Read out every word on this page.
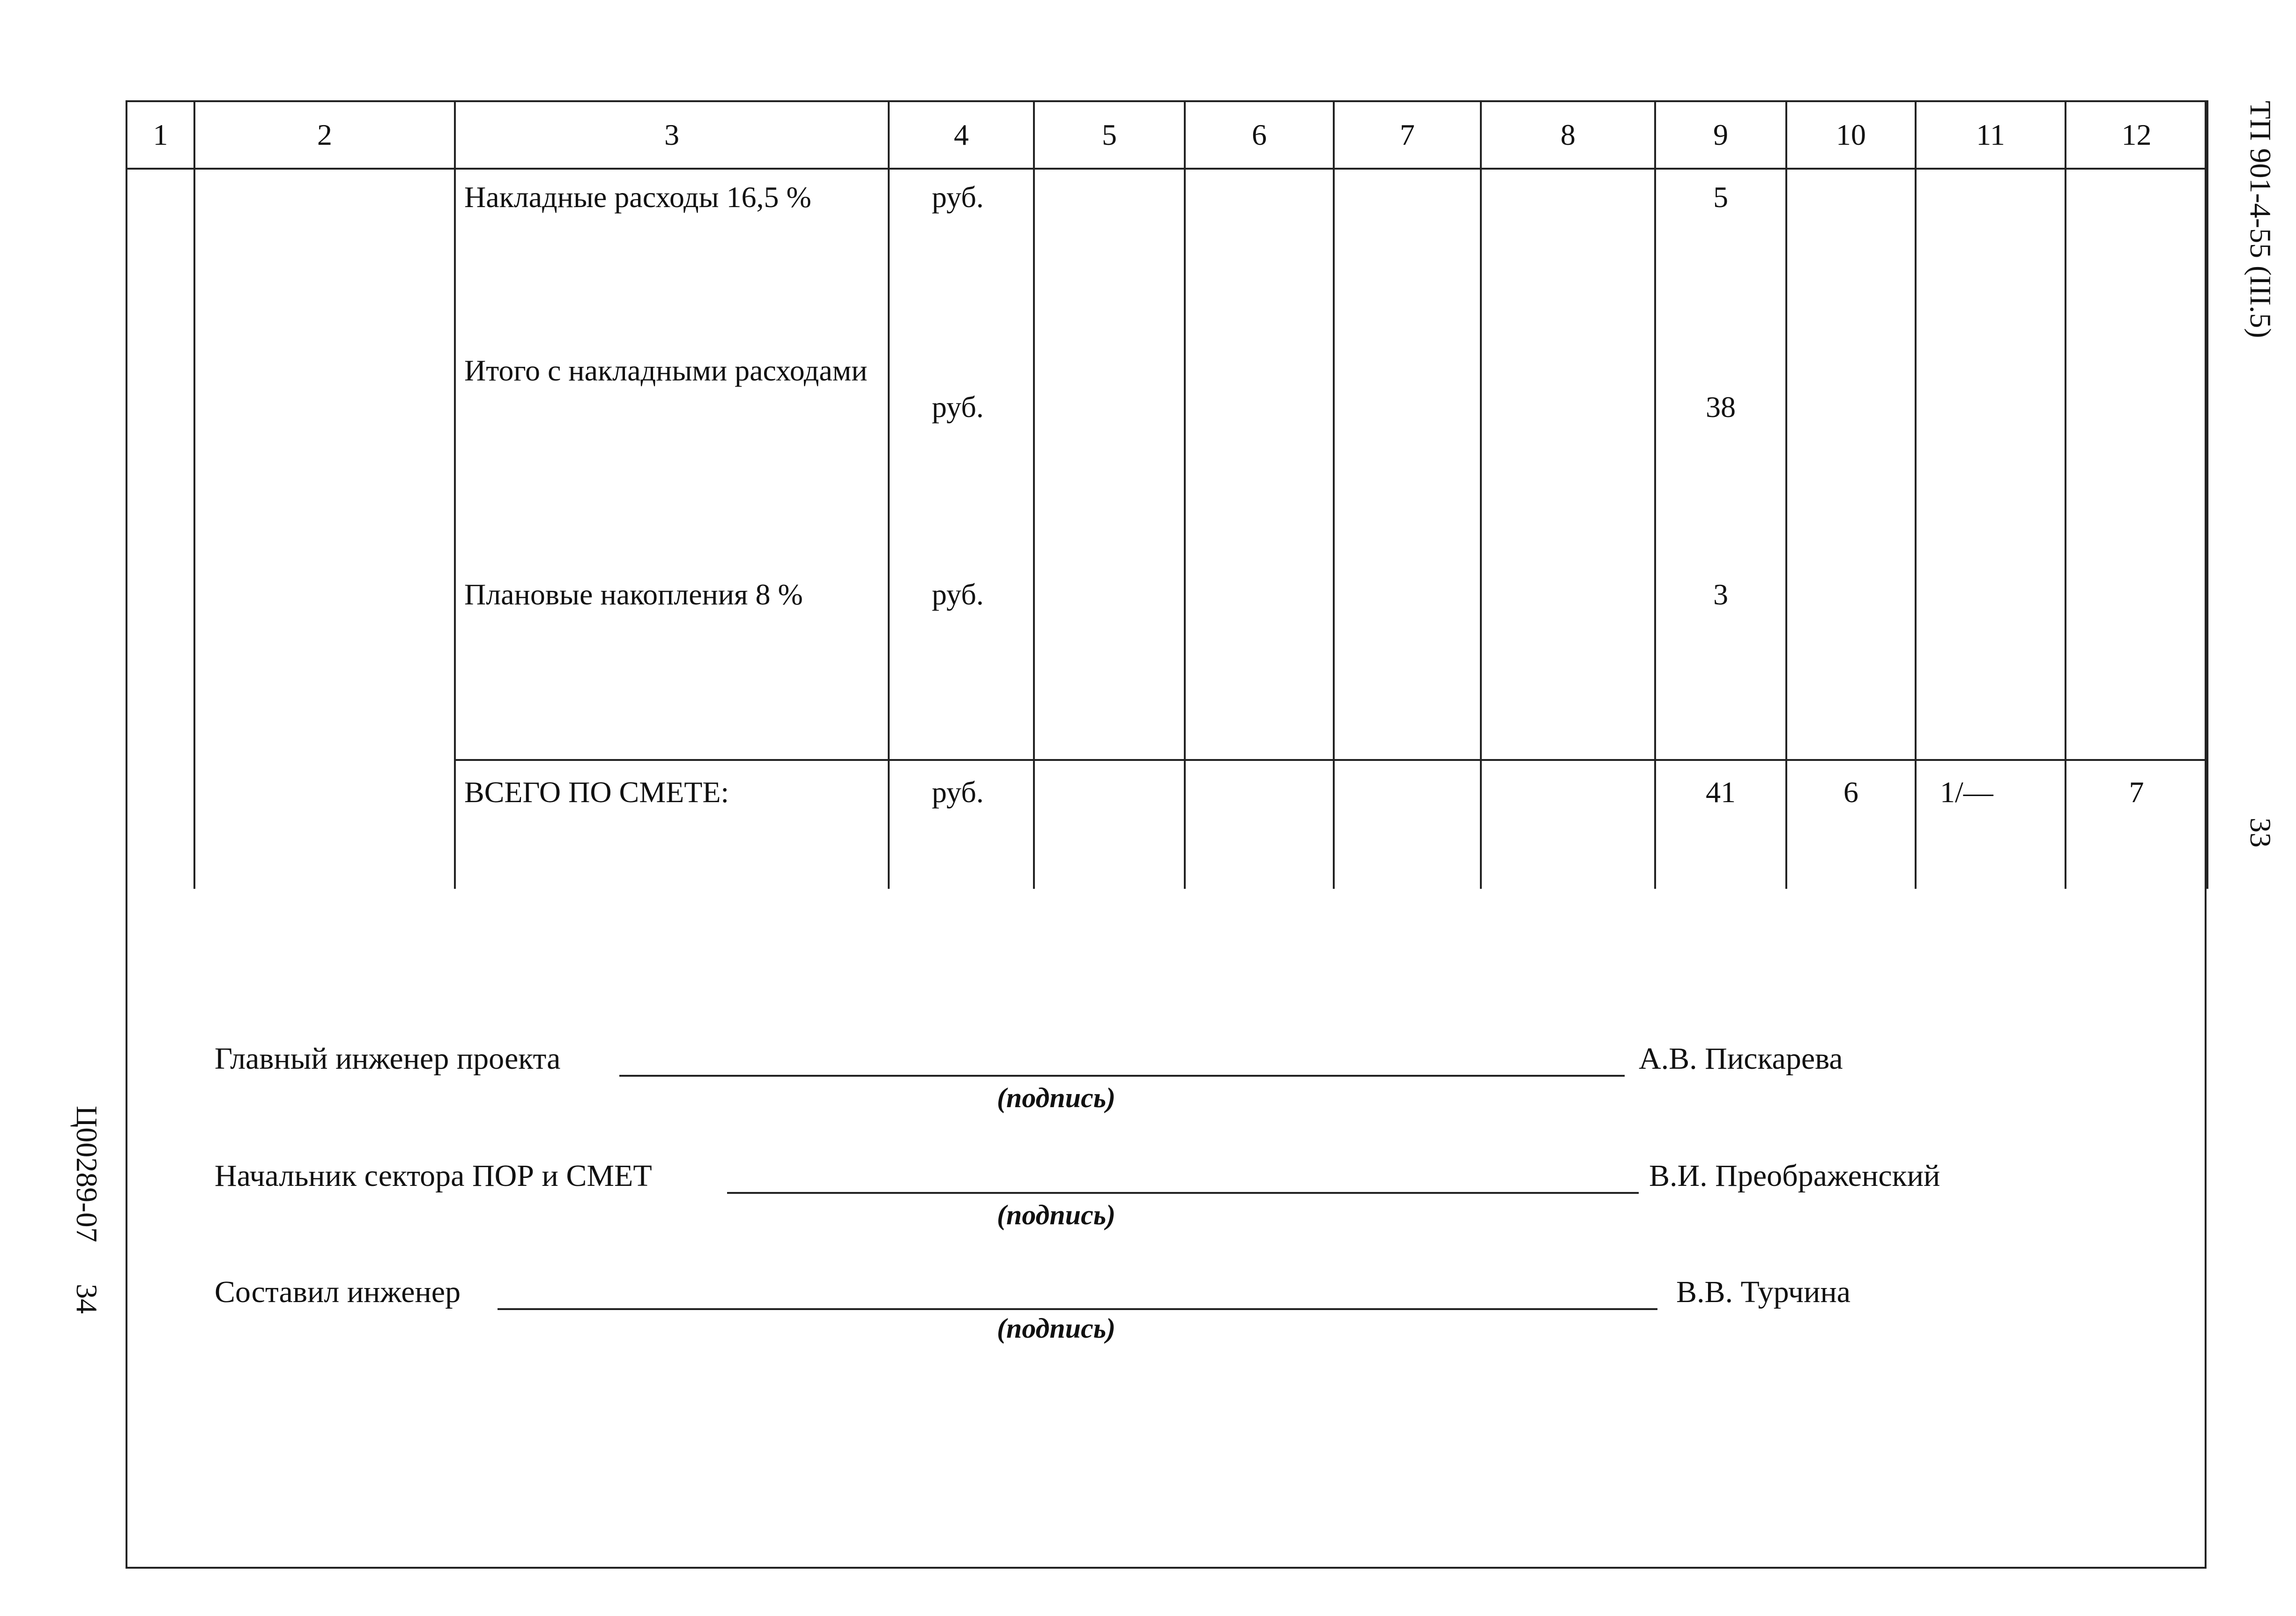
1	2	3	4	5	6	7	8	9	10	11	12
		Накладные расходы 16,5 %	руб.					5			
		Итого с накладными расходами	руб.					38			
		Плановые накопления 8 %	руб.					3			
		ВСЕГО ПО СМЕТЕ:	руб.					41	6	1/—	7
Главный инженер проекта	А.В. Пискарева
(подпись)
Начальник сектора ПОР и СМЕТ	В.И. Преображенский
(подпись)
Составил инженер	В.В. Турчина
(подпись)
ТП 901-4-55 (III.5)
33
Ц00289-07
34
